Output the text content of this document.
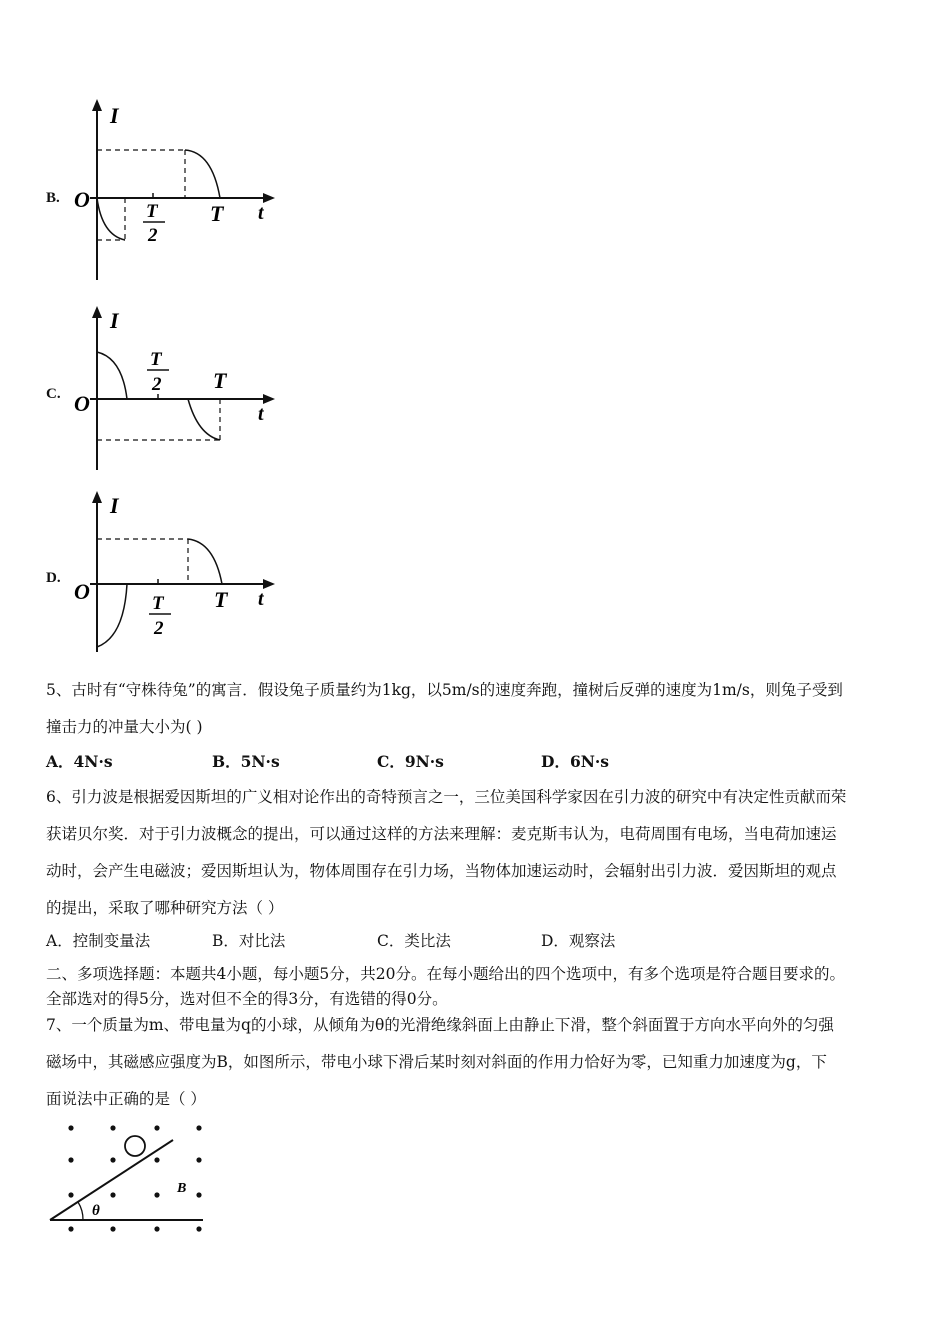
B.
I
t
O
T
T
2
C.
I
t
O
T
T
2
D.
I
t
O	T
T
2
5、古时有“守株待兔”的寓言．假设兔子质量约为1kg，以5m/s的速度奔跑，撞树后反弹的速度为1m/s，则兔子受到
撞击力的冲量大小为( )
A．4N·s	B．5N·s	C．9N·s	D．6N·s
6、引力波是根据爱因斯坦的广义相对论作出的奇特预言之一，三位美国科学家因在引力波的研究中有决定性贡献而荣
获诺贝尔奖．对于引力波概念的提出，可以通过这样的方法来理解：麦克斯韦认为，电荷周围有电场，当电荷加速运
动时，会产生电磁波；爱因斯坦认为，物体周围存在引力场，当物体加速运动时，会辐射出引力波．爱因斯坦的观点
的提出，采取了哪种研究方法（ ）
A．控制变量法	B．对比法	C．类比法	D．观察法
二、多项选择题：本题共4小题，每小题5分，共20分。在每小题给出的四个选项中，有多个选项是符合题目要求的。
全部选对的得5分，选对但不全的得3分，有选错的得0分。
7、一个质量为m、带电量为q的小球，从倾角为θ的光滑绝缘斜面上由静止下滑，整个斜面置于方向水平向外的匀强
磁场中，其磁感应强度为B，如图所示，带电小球下滑后某时刻对斜面的作用力恰好为零，已知重力加速度为g，下
面说法中正确的是（ ）
θ
B
